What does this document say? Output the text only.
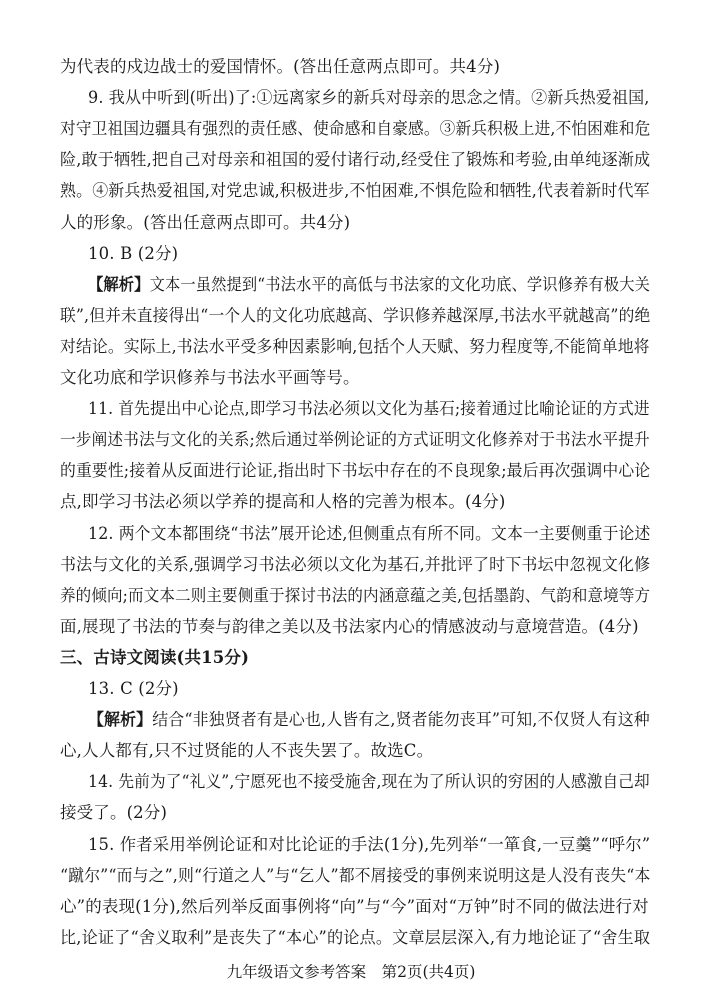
为代表的戍边战士的爱国情怀。(答出任意两点即可。共4分)
9. 我从中听到(听出)了:①远离家乡的新兵对母亲的思念之情。②新兵热爱祖国,
对守卫祖国边疆具有强烈的责任感、使命感和自豪感。③新兵积极上进,不怕困难和危
险,敢于牺牲,把自己对母亲和祖国的爱付诸行动,经受住了锻炼和考验,由单纯逐渐成
熟。④新兵热爱祖国,对党忠诚,积极进步,不怕困难,不惧危险和牺牲,代表着新时代军
人的形象。(答出任意两点即可。共4分)
10. B (2分)
【解析】文本一虽然提到“书法水平的高低与书法家的文化功底、学识修养有极大关
联”,但并未直接得出“一个人的文化功底越高、学识修养越深厚,书法水平就越高”的绝
对结论。实际上,书法水平受多种因素影响,包括个人天赋、努力程度等,不能简单地将
文化功底和学识修养与书法水平画等号。
11. 首先提出中心论点,即学习书法必须以文化为基石;接着通过比喻论证的方式进
一步阐述书法与文化的关系;然后通过举例论证的方式证明文化修养对于书法水平提升
的重要性;接着从反面进行论证,指出时下书坛中存在的不良现象;最后再次强调中心论
点,即学习书法必须以学养的提高和人格的完善为根本。(4分)
12. 两个文本都围绕“书法”展开论述,但侧重点有所不同。文本一主要侧重于论述
书法与文化的关系,强调学习书法必须以文化为基石,并批评了时下书坛中忽视文化修
养的倾向;而文本二则主要侧重于探讨书法的内涵意蕴之美,包括墨韵、气韵和意境等方
面,展现了书法的节奏与韵律之美以及书法家内心的情感波动与意境营造。(4分)
三、古诗文阅读(共15分)
13. C (2分)
【解析】结合“非独贤者有是心也,人皆有之,贤者能勿丧耳”可知,不仅贤人有这种
心,人人都有,只不过贤能的人不丧失罢了。故选C。
14. 先前为了“礼义”,宁愿死也不接受施舍,现在为了所认识的穷困的人感激自己却
接受了。(2分)
15. 作者采用举例论证和对比论证的手法(1分),先列举“一箪食,一豆羹”“呼尔”
“蹴尔”“而与之”,则“行道之人”与“乞人”都不屑接受的事例来说明这是人没有丧失“本
心”的表现(1分),然后列举反面事例将“向”与“今”面对“万钟”时不同的做法进行对
比,论证了“舍义取利”是丧失了“本心”的论点。文章层层深入,有力地论证了“舍生取
九年级语文参考答案　第2页(共4页)
